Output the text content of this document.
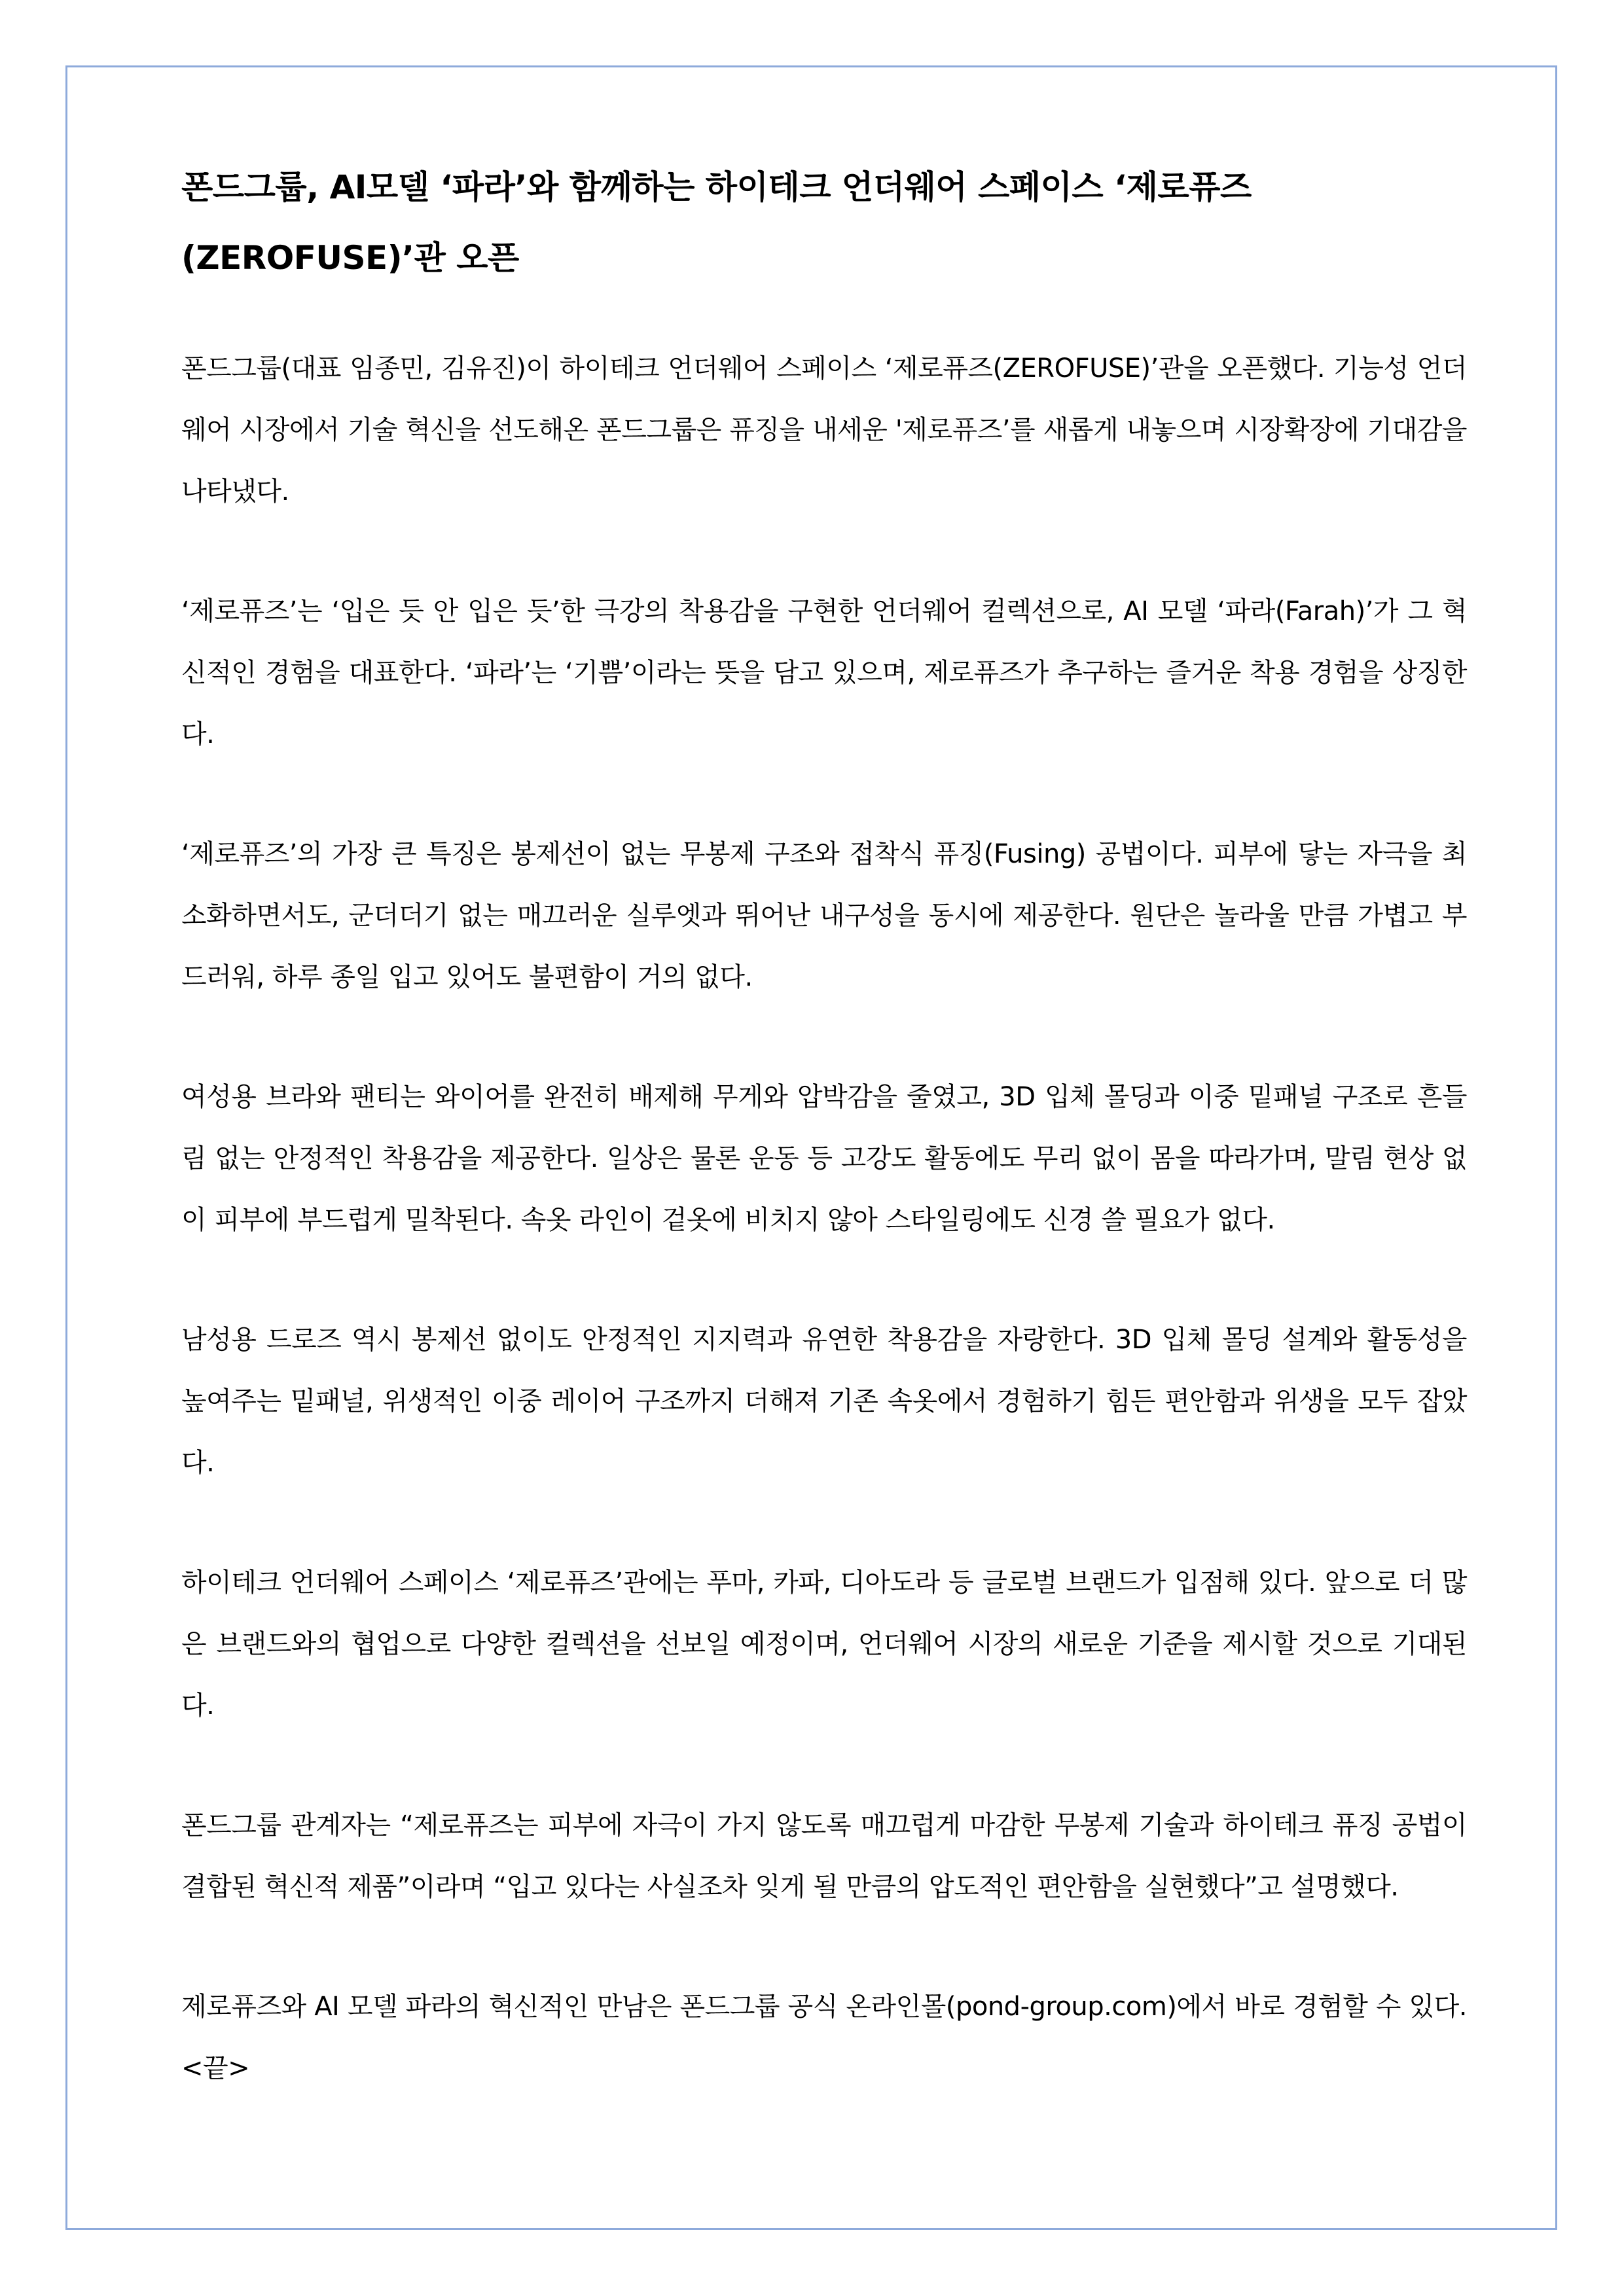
폰드그룹, AI모델 ‘파라’와 함께하는 하이테크 언더웨어 스페이스 ‘제로퓨즈(ZEROFUSE)’관 오픈

폰드그룹(대표 임종민, 김유진)이 하이테크 언더웨어 스페이스 ‘제로퓨즈(ZEROFUSE)’관을 오픈했다. 기능성 언더웨어 시장에서 기술 혁신을 선도해온 폰드그룹은 퓨징을 내세운 '제로퓨즈’를 새롭게 내놓으며 시장확장에 기대감을 나타냈다.

‘제로퓨즈’는 ‘입은 듯 안 입은 듯’한 극강의 착용감을 구현한 언더웨어 컬렉션으로, AI 모델 ‘파라(Farah)’가 그 혁신적인 경험을 대표한다. ‘파라’는 ‘기쁨’이라는 뜻을 담고 있으며, 제로퓨즈가 추구하는 즐거운 착용 경험을 상징한다.

‘제로퓨즈’의 가장 큰 특징은 봉제선이 없는 무봉제 구조와 접착식 퓨징(Fusing) 공법이다. 피부에 닿는 자극을 최소화하면서도, 군더더기 없는 매끄러운 실루엣과 뛰어난 내구성을 동시에 제공한다. 원단은 놀라울 만큼 가볍고 부드러워, 하루 종일 입고 있어도 불편함이 거의 없다.

여성용 브라와 팬티는 와이어를 완전히 배제해 무게와 압박감을 줄였고, 3D 입체 몰딩과 이중 밑패널 구조로 흔들림 없는 안정적인 착용감을 제공한다. 일상은 물론 운동 등 고강도 활동에도 무리 없이 몸을 따라가며, 말림 현상 없이 피부에 부드럽게 밀착된다. 속옷 라인이 겉옷에 비치지 않아 스타일링에도 신경 쓸 필요가 없다.

남성용 드로즈 역시 봉제선 없이도 안정적인 지지력과 유연한 착용감을 자랑한다. 3D 입체 몰딩 설계와 활동성을 높여주는 밑패널, 위생적인 이중 레이어 구조까지 더해져 기존 속옷에서 경험하기 힘든 편안함과 위생을 모두 잡았다.

하이테크 언더웨어 스페이스 ‘제로퓨즈’관에는 푸마, 카파, 디아도라 등 글로벌 브랜드가 입점해 있다. 앞으로 더 많은 브랜드와의 협업으로 다양한 컬렉션을 선보일 예정이며, 언더웨어 시장의 새로운 기준을 제시할 것으로 기대된다.

폰드그룹 관계자는 “제로퓨즈는 피부에 자극이 가지 않도록 매끄럽게 마감한 무봉제 기술과 하이테크 퓨징 공법이 결합된 혁신적 제품”이라며 “입고 있다는 사실조차 잊게 될 만큼의 압도적인 편안함을 실현했다”고 설명했다.

제로퓨즈와 AI 모델 파라의 혁신적인 만남은 폰드그룹 공식 온라인몰(pond-group.com)에서 바로 경험할 수 있다. <끝>
